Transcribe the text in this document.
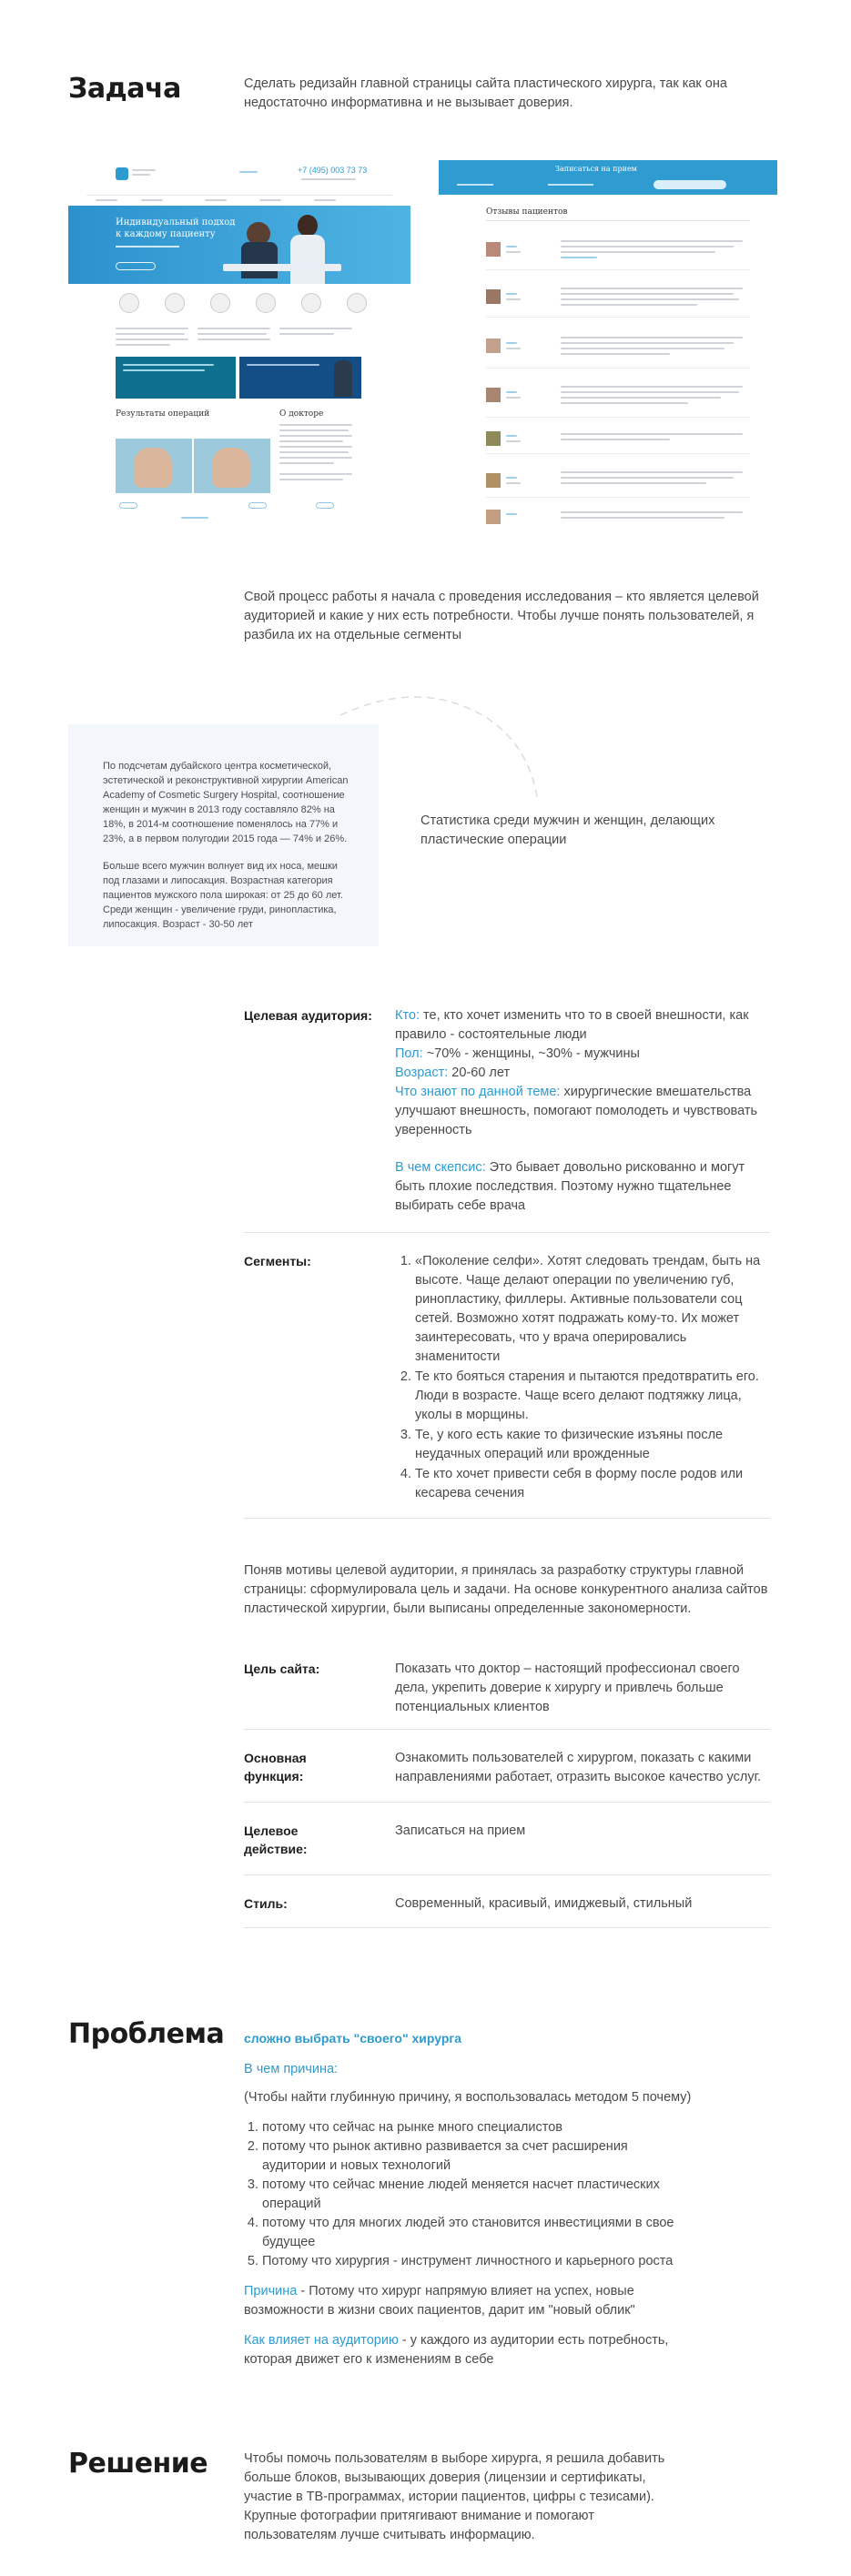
Задача	Сделать редизайн главной страницы сайта пластического хирурга, так как она недостаточно информативна и не вызывает доверия.
+7 (495) 003 73 73
Индивидуальный подход
к каждому пациенту
Результаты операций	О докторе
Записаться на прием
Отзывы пациентов
Свой процесс работы я начала с проведения исследования – кто является целевой аудиторией и какие у них есть потребности. Чтобы лучше понять пользователей, я разбила их на отдельные сегменты
По подсчетам дубайского центра косметической, эстетической и реконструктивной хирургии American Academy of Cosmetic Surgery Hospital, соотношение женщин и мужчин в 2013 году составляло 82% на 18%, в 2014-м соотношение поменялось на 77% и 23%, а в первом полугодии 2015 года — 74% и 26%.
Больше всего мужчин волнует вид их носа, мешки под глазами и липосакция. Возрастная категория пациентов мужского пола широкая: от 25 до 60 лет.
Среди женщин - увеличение груди, ринопластика, липосакция. Возраст - 30-50 лет
Статистика среди мужчин и женщин, делающих пластические операции
Целевая аудитория: Кто: те, кто хочет изменить что то в своей внешности, как правило - состоятельные люди
Пол: ~70% - женщины, ~30% - мужчины
Возраст: 20-60 лет
Что знают по данной теме: хирургические вмешательства улучшают внешность, помогают помолодеть и чувствовать уверенность
В чем скепсис: Это бывает довольно рискованно и могут быть плохие последствия. Поэтому нужно тщательнее выбирать себе врача
Сегменты:
1.	«Поколение селфи». Хотят следовать трендам, быть на высоте. Чаще делают операции по увеличению губ, ринопластику, филлеры. Активные пользователи соц сетей. Возможно хотят подражать кому-то. Их может заинтересовать, что у врача оперировались знаменитости
2. Те кто бояться старения и пытаются предотвратить его. Люди в возрасте. Чаще всего делают подтяжку лица, уколы в морщины.
3. Те, у кого есть какие то физические изъяны после неудачных операций или врожденные
4. Те кто хочет привести себя в форму после родов или кесарева сечения
Поняв мотивы целевой аудитории, я принялась за разработку структуры главной страницы: сформулировала цель и задачи. На основе конкурентного анализа сайтов пластической хирургии, были выписаны определенные закономерности.
Цель сайта:	Показать что доктор – настоящий профессионал своего дела, укрепить доверие к хирургу и привлечь больше потенциальных клиентов
Основная функция:
Ознакомить пользователей с хирургом, показать с какими направлениями работает, отразить высокое качество услуг.
Целевое действие:
Записаться на прием
Стиль:	Современный, красивый, имиджевый, стильный
Проблема сложно выбрать "своего" хирурга
В чем причина:
(Чтобы найти глубинную причину, я воспользовалась методом 5 почему)
1. потому что сейчас на рынке много специалистов
2. потому что рынок активно развивается за счет расширения аудитории и новых технологий
3. потому что сейчас мнение людей меняется насчет пластических операций
4. потому что для многих людей это становится инвестициями в свое будущее
5. Потому что хирургия - инструмент личностного и карьерного роста
Причина - Потому что хирург напрямую влияет на успех, новые возможности в жизни своих пациентов, дарит им "новый облик"
Как влияет на аудиторию - у каждого из аудитории есть потребность, которая движет его к изменениям в себе
Решение	Чтобы помочь пользователям в выборе хирурга, я решила добавить больше блоков, вызывающих доверия (лицензии и сертификаты, участие в ТВ-программах, истории пациентов, цифры с тезисами). Крупные фотографии притягивают внимание и помогают пользователям лучше считывать информацию.
